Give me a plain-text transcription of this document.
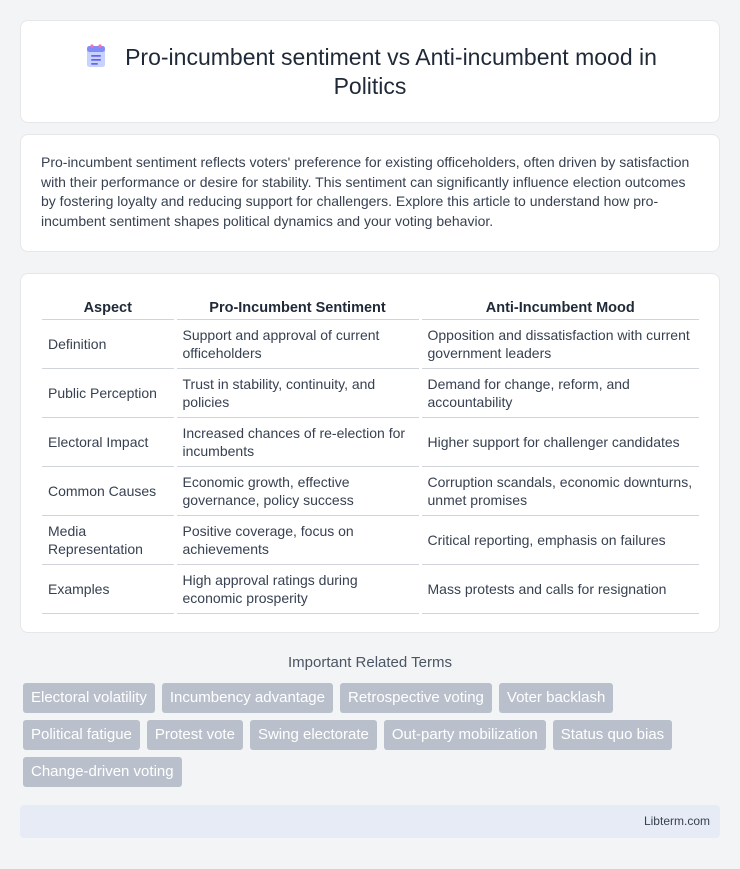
Pro-incumbent sentiment vs Anti-incumbent mood in Politics

Pro-incumbent sentiment reflects voters' preference for existing officeholders, often driven by satisfaction with their performance or desire for stability. This sentiment can significantly influence election outcomes by fostering loyalty and reducing support for challengers. Explore this article to understand how pro-incumbent sentiment shapes political dynamics and your voting behavior.

Aspect	Pro-Incumbent Sentiment	Anti-Incumbent Mood
Definition	Support and approval of current officeholders	Opposition and dissatisfaction with current government leaders
Public Perception	Trust in stability, continuity, and policies	Demand for change, reform, and accountability
Electoral Impact	Increased chances of re-election for incumbents	Higher support for challenger candidates
Common Causes	Economic growth, effective governance, policy success	Corruption scandals, economic downturns, unmet promises
Media Representation	Positive coverage, focus on achievements	Critical reporting, emphasis on failures
Examples	High approval ratings during economic prosperity	Mass protests and calls for resignation
Important Related Terms
Electoral volatility	Incumbency advantage	Retrospective voting	Voter backlash
Political fatigue	Protest vote	Swing electorate	Out-party mobilization	Status quo bias
Change-driven voting
Libterm.com
